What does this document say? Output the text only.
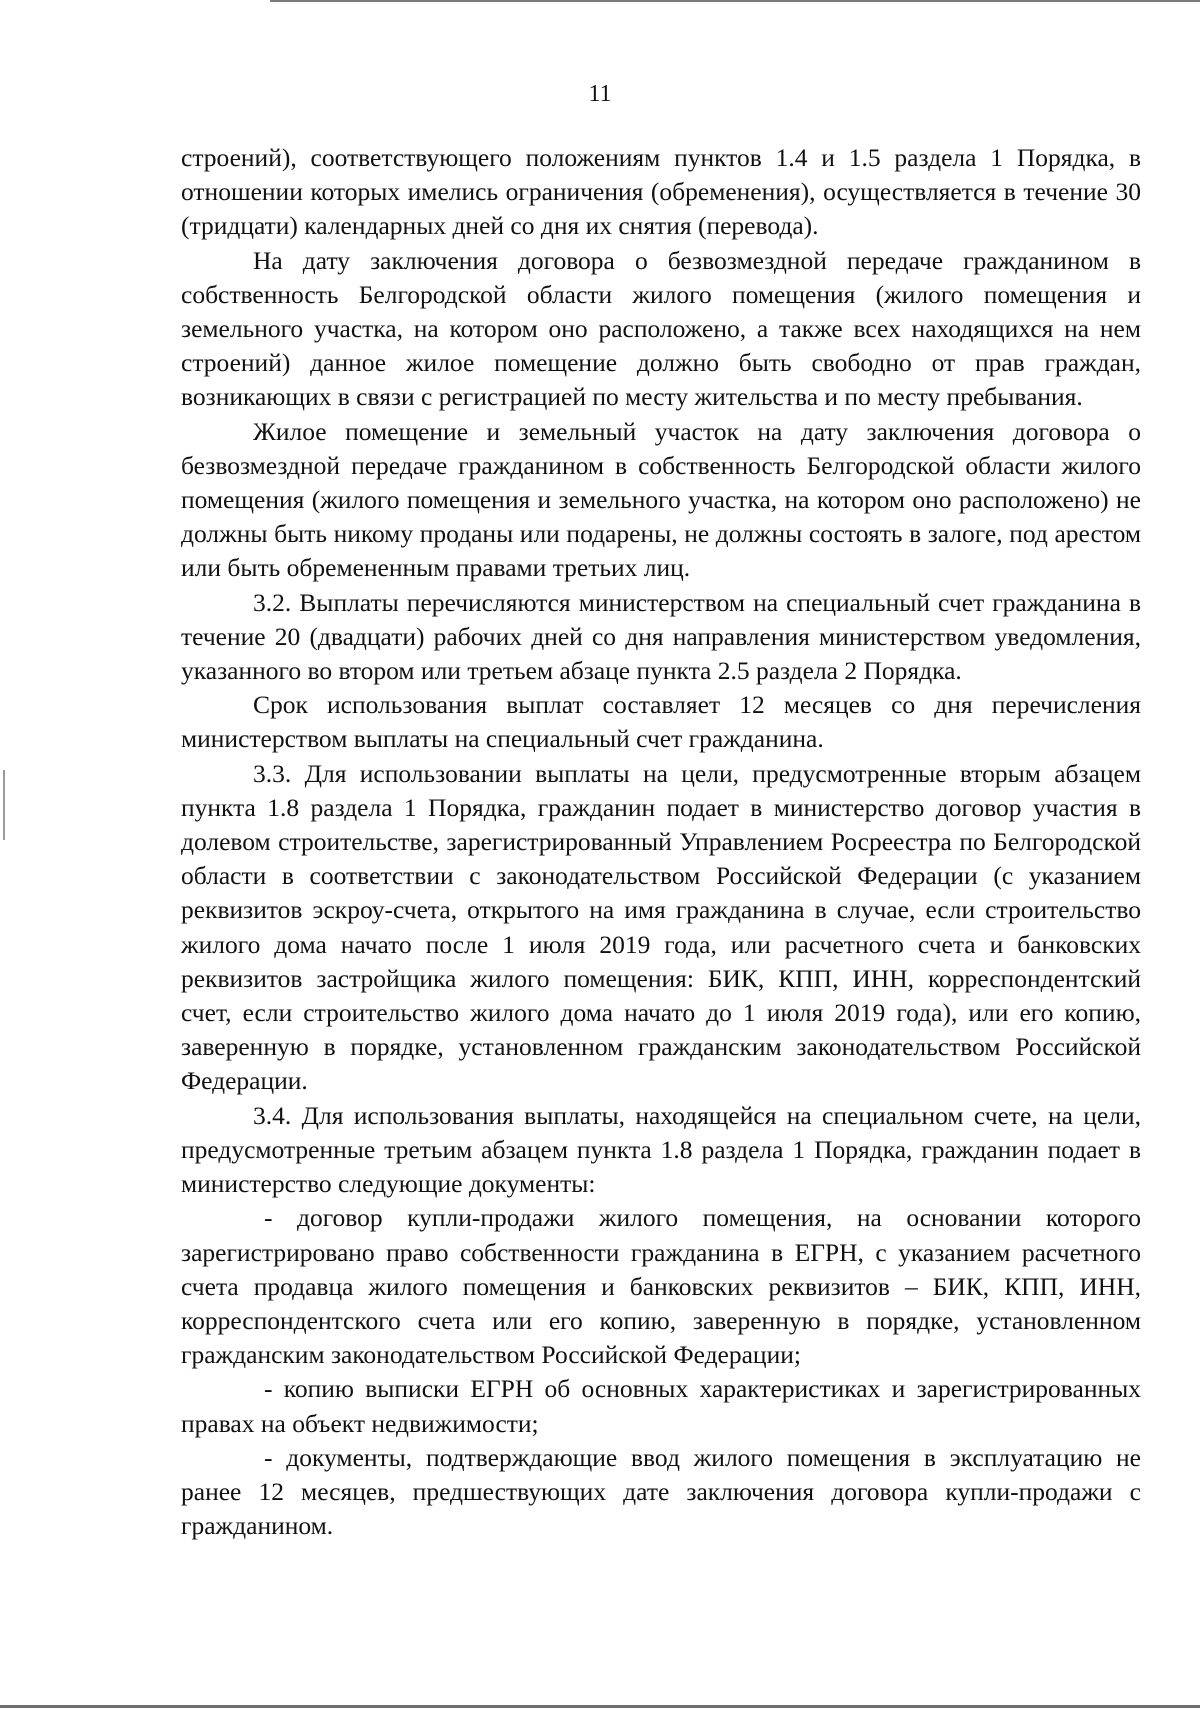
11

строений), соответствующего положениям пунктов 1.4 и 1.5 раздела 1 Порядка, в отношении которых имелись ограничения (обременения), осуществляется в течение 30 (тридцати) календарных дней со дня их снятия (перевода).

На дату заключения договора о безвозмездной передаче гражданином в собственность Белгородской области жилого помещения (жилого помещения и земельного участка, на котором оно расположено, а также всех находящихся на нем строений) данное жилое помещение должно быть свободно от прав граждан, возникающих в связи с регистрацией по месту жительства и по месту пребывания.

Жилое помещение и земельный участок на дату заключения договора о безвозмездной передаче гражданином в собственность Белгородской области жилого помещения (жилого помещения и земельного участка, на котором оно расположено) не должны быть никому проданы или подарены, не должны состоять в залоге, под арестом или быть обремененным правами третьих лиц.

3.2. Выплаты перечисляются министерством на специальный счет гражданина в течение 20 (двадцати) рабочих дней со дня направления министерством уведомления, указанного во втором или третьем абзаце пункта 2.5 раздела 2 Порядка.

Срок использования выплат составляет 12 месяцев со дня перечисления министерством выплаты на специальный счет гражданина.

3.3. Для использовании выплаты на цели, предусмотренные вторым абзацем пункта 1.8 раздела 1 Порядка, гражданин подает в министерство договор участия в долевом строительстве, зарегистрированный Управлением Росреестра по Белгородской области в соответствии с законодательством Российской Федерации (с указанием реквизитов эскроу-счета, открытого на имя гражданина в случае, если строительство жилого дома начато после 1 июля 2019 года, или расчетного счета и банковских реквизитов застройщика жилого помещения: БИК, КПП, ИНН, корреспондентский счет, если строительство жилого дома начато до 1 июля 2019 года), или его копию, заверенную в порядке, установленном гражданским законодательством Российской Федерации.

3.4. Для использования выплаты, находящейся на специальном счете, на цели, предусмотренные третьим абзацем пункта 1.8 раздела 1 Порядка, гражданин подает в министерство следующие документы:

- договор купли-продажи жилого помещения, на основании которого зарегистрировано право собственности гражданина в ЕГРН, с указанием расчетного счета продавца жилого помещения и банковских реквизитов – БИК, КПП, ИНН, корреспондентского счета или его копию, заверенную в порядке, установленном гражданским законодательством Российской Федерации;

- копию выписки ЕГРН об основных характеристиках и зарегистрированных правах на объект недвижимости;

- документы, подтверждающие ввод жилого помещения в эксплуатацию не ранее 12 месяцев, предшествующих дате заключения договора купли-продажи с гражданином.
